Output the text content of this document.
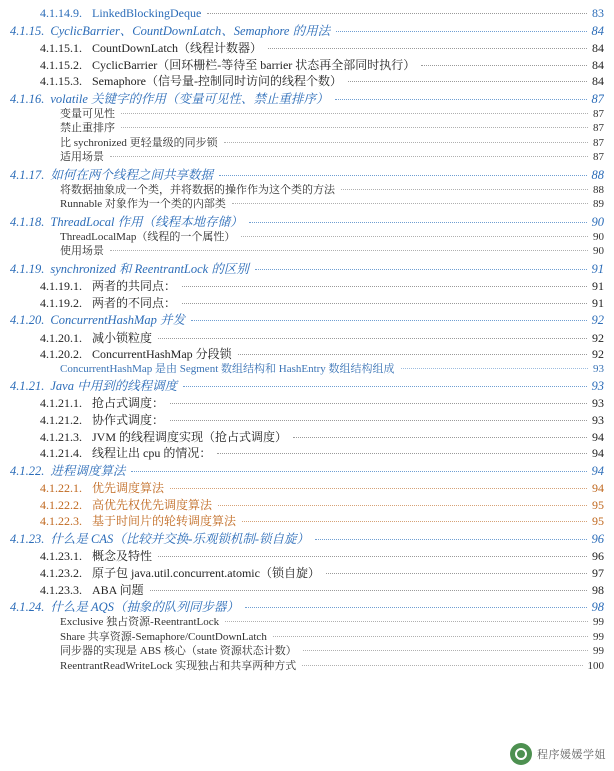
4.1.14.9. LinkedBlockingDeque	83
4.1.15. CyclicBarrier、CountDownLatch、Semaphore 的用法	84
4.1.15.1. CountDownLatch（线程计数器）	84
4.1.15.2. CyclicBarrier（回环栅栏-等待至 barrier 状态再全部同时执行）	84
4.1.15.3. Semaphore（信号量-控制同时访问的线程个数）	84
4.1.16. volatile 关键字的作用（变量可见性、禁止重排序）	87
变量可见性	87
禁止重排序	87
比 sychronized 更轻量级的同步锁	87
适用场景	87
4.1.17. 如何在两个线程之间共享数据	88
将数据抽象成一个类，并将数据的操作作为这个类的方法	88
Runnable 对象作为一个类的内部类	89
4.1.18. ThreadLocal 作用（线程本地存储）	90
ThreadLocalMap（线程的一个属性）	90
使用场景	90
4.1.19. synchronized 和 ReentrantLock 的区别	91
4.1.19.1. 两者的共同点：	91
4.1.19.2. 两者的不同点：	91
4.1.20. ConcurrentHashMap 并发	92
4.1.20.1. 减小锁粒度	92
4.1.20.2. ConcurrentHashMap 分段锁	92
ConcurrentHashMap 是由 Segment 数组结构和 HashEntry 数组结构组成	93
4.1.21. Java 中用到的线程调度	93
4.1.21.1. 抢占式调度：	93
4.1.21.2. 协作式调度：	93
4.1.21.3. JVM 的线程调度实现（抢占式调度）	94
4.1.21.4. 线程让出 cpu 的情况：	94
4.1.22. 进程调度算法	94
4.1.22.1. 优先调度算法	94
4.1.22.2. 高优先权优先调度算法	95
4.1.22.3. 基于时间片的轮转调度算法	95
4.1.23. 什么是 CAS（比较并交换-乐观锁机制-锁自旋）	96
4.1.23.1. 概念及特性	96
4.1.23.2. 原子包 java.util.concurrent.atomic（锁自旋）	97
4.1.23.3. ABA 问题	98
4.1.24. 什么是 AQS（抽象的队列同步器）	98
Exclusive 独占资源-ReentrantLock	99
Share 共享资源-Semaphore/CountDownLatch	99
同步器的实现是 ABS 核心（state 资源状态计数）	99
ReentrantReadWriteLock 实现独占和共享两种方式	100
程序媛媛学姐
